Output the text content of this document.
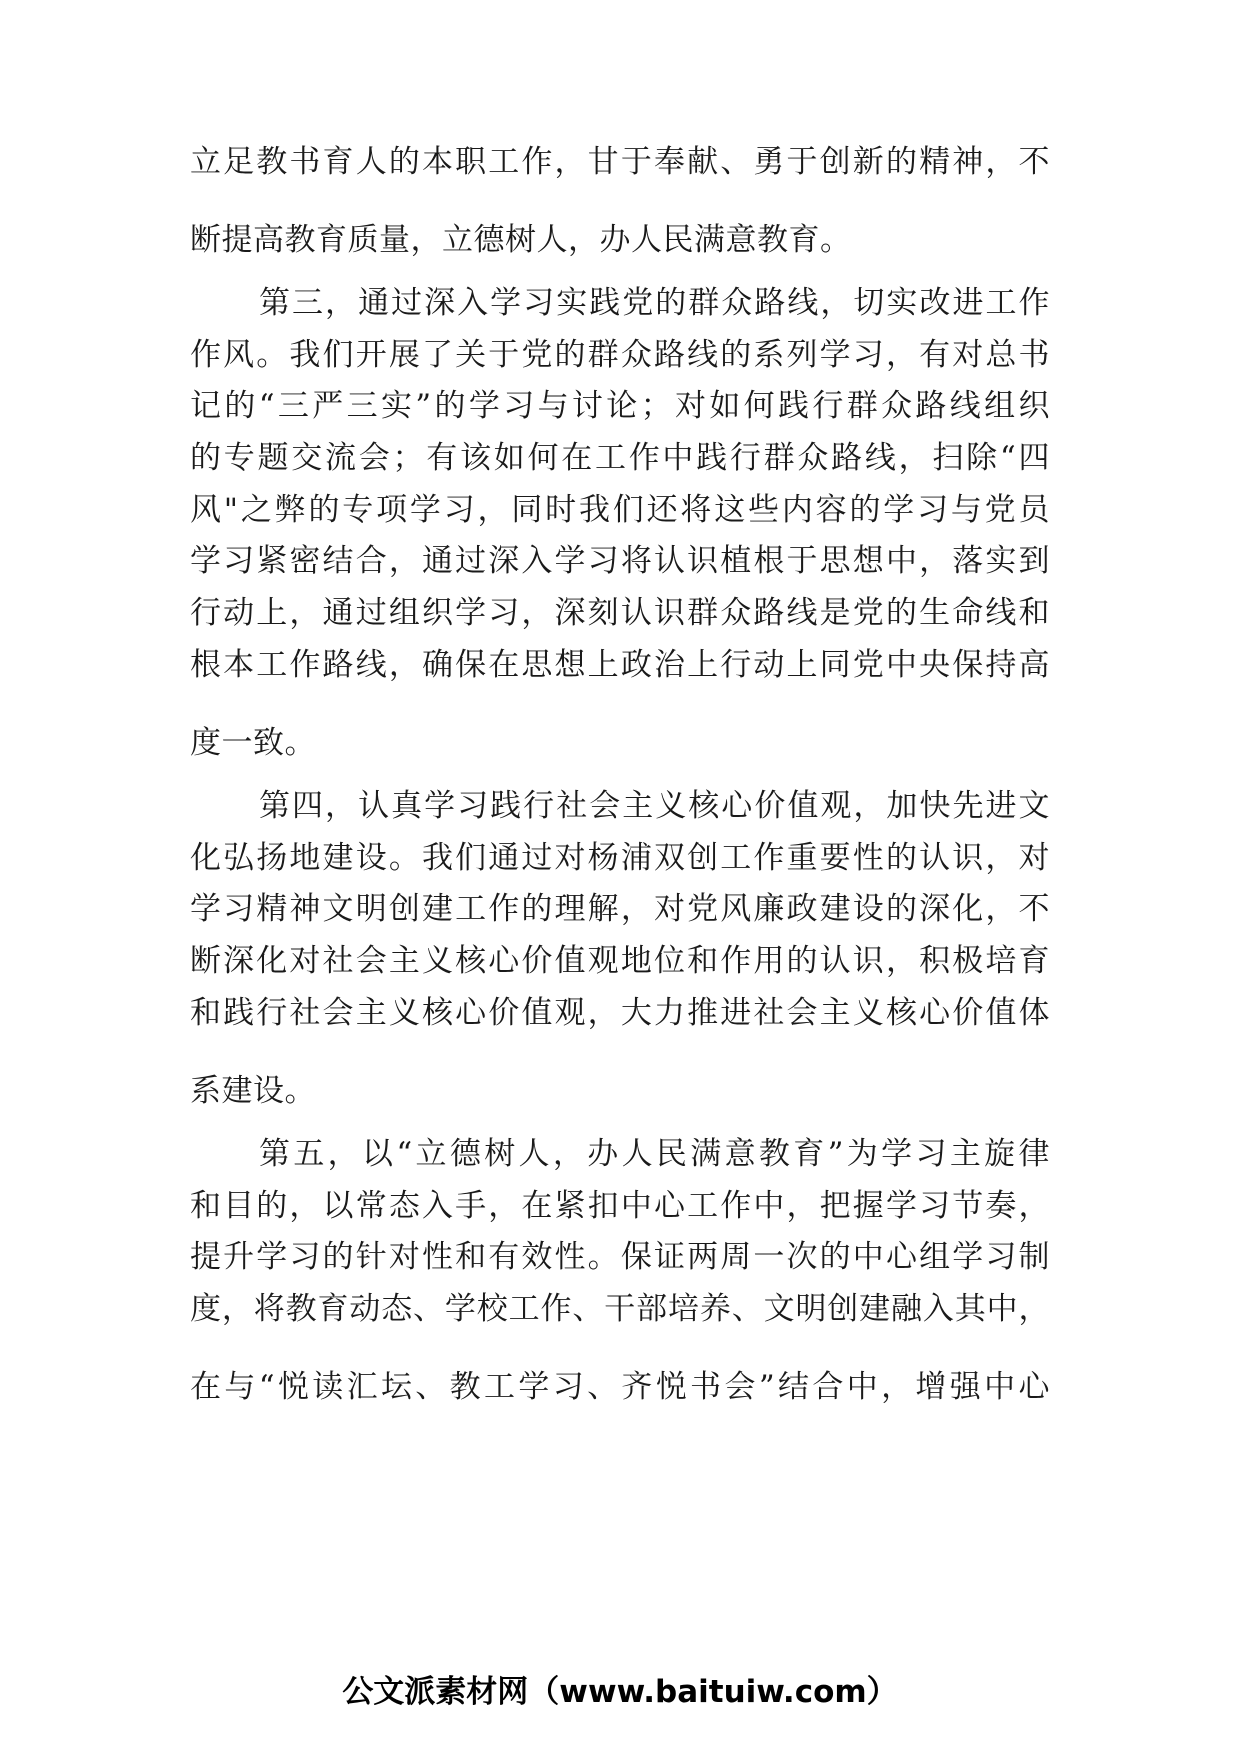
立足教书育人的本职工作，甘于奉献、勇于创新的精神，不
断提高教育质量，立德树人，办人民满意教育。
第三，通过深入学习实践党的群众路线，切实改进工作
作风。我们开展了关于党的群众路线的系列学习，有对总书
记的“三严三实”的学习与讨论；对如何践行群众路线组织
的专题交流会；有该如何在工作中践行群众路线，扫除“四
风"之弊的专项学习，同时我们还将这些内容的学习与党员
学习紧密结合，通过深入学习将认识植根于思想中，落实到
行动上，通过组织学习，深刻认识群众路线是党的生命线和
根本工作路线，确保在思想上政治上行动上同党中央保持高
度一致。
第四，认真学习践行社会主义核心价值观，加快先进文
化弘扬地建设。我们通过对杨浦双创工作重要性的认识，对
学习精神文明创建工作的理解，对党风廉政建设的深化，不
断深化对社会主义核心价值观地位和作用的认识，积极培育
和践行社会主义核心价值观，大力推进社会主义核心价值体
系建设。
第五，以“立德树人，办人民满意教育”为学习主旋律
和目的，以常态入手，在紧扣中心工作中，把握学习节奏，
提升学习的针对性和有效性。保证两周一次的中心组学习制
度，将教育动态、学校工作、干部培养、文明创建融入其中，
在与“悦读汇坛、教工学习、齐悦书会”结合中，增强中心
公文派素材网（www.baituiw.com）
